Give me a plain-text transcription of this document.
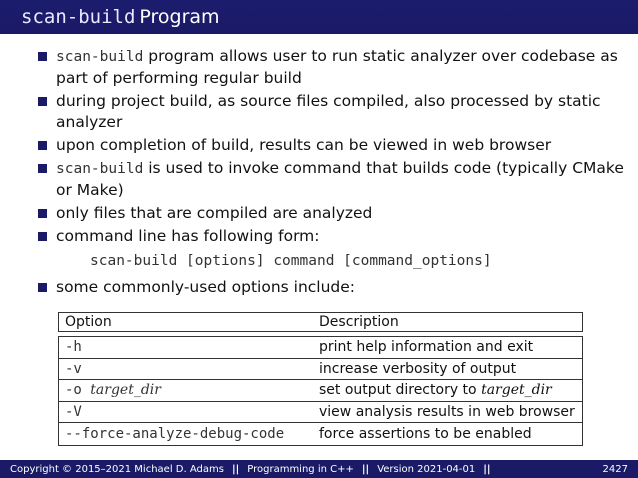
scan-build Program
scan-build program allows user to run static analyzer over codebase as part of performing regular build
during project build, as source files compiled, also processed by static analyzer
upon completion of build, results can be viewed in web browser
scan-build is used to invoke command that builds code (typically CMake or Make)
only files that are compiled are analyzed
command line has following form:
scan-build [options] command [command_options]
some commonly-used options include:
Option	Description
-h	print help information and exit
-v	increase verbosity of output
-o target_dir	set output directory to target_dir
-V	view analysis results in web browser
--force-analyze-debug-code	force assertions to be enabled
Copyright © 2015–2021 Michael D. Adams || Programming in C++ || Version 2021-04-01 ||	2427
